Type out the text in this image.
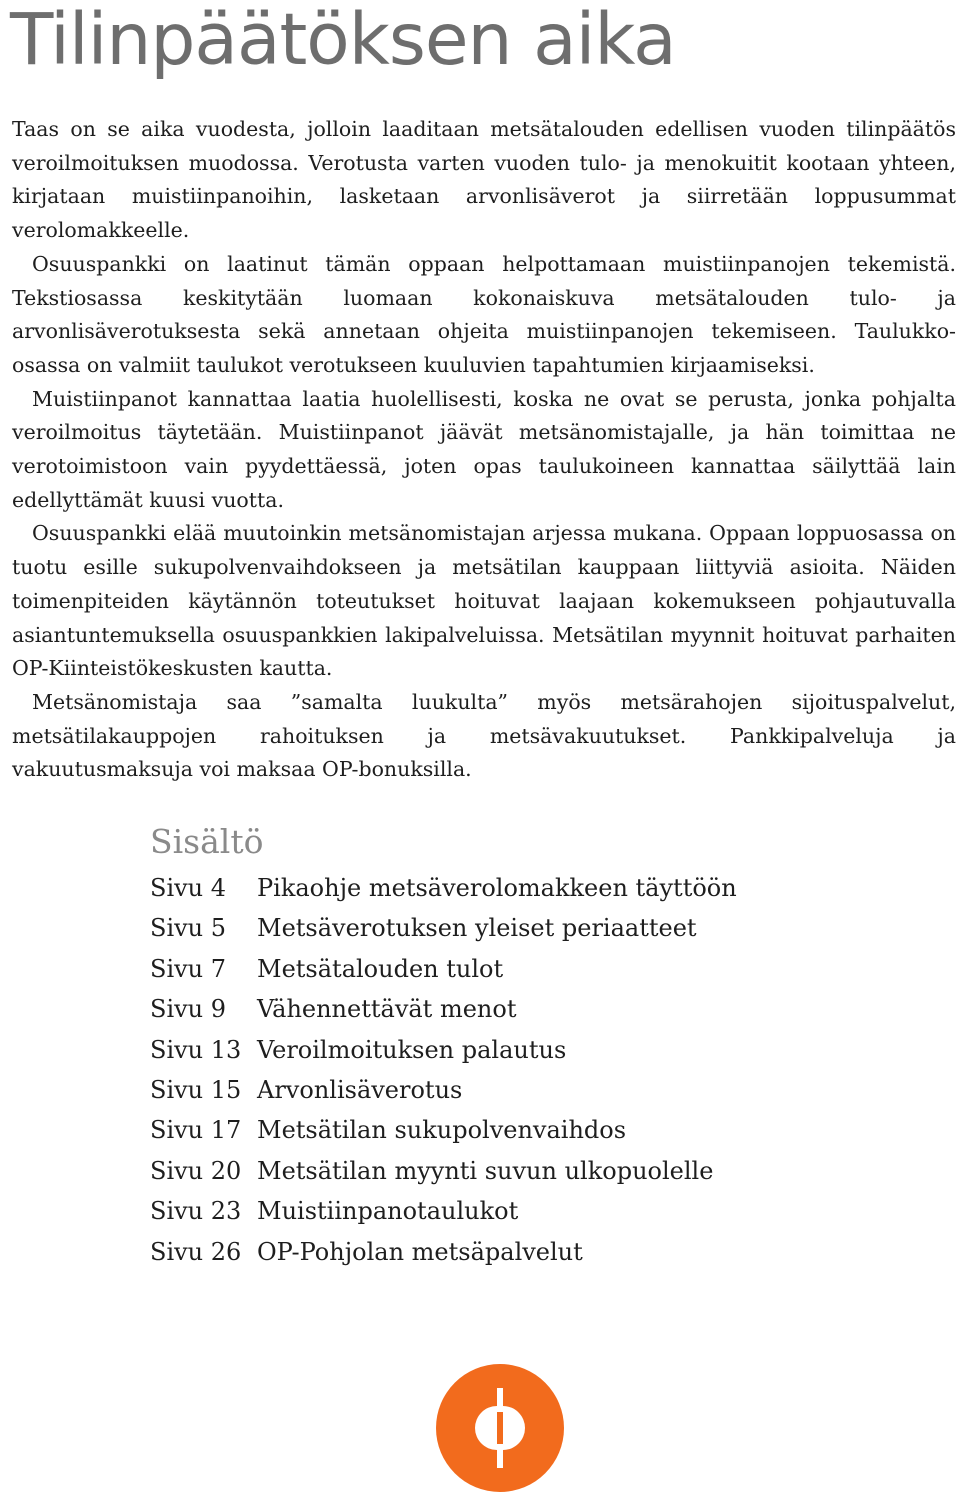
Tilinpäätöksen aika

Taas on se aika vuodesta, jolloin laaditaan metsätalouden edellisen vuoden tilinpäätös veroilmoituksen muodossa. Verotusta varten vuoden tulo- ja menokuitit kootaan yhteen, kirjataan muistiinpanoihin, lasketaan arvonlisäverot ja siirretään loppusummat verolomakkeelle.

Osuuspankki on laatinut tämän oppaan helpottamaan muistiinpanojen tekemistä. Tekstiosassa keskitytään luomaan kokonaiskuva metsätalouden tulo- ja arvonlisäverotuksesta sekä annetaan ohjeita muistiinpanojen tekemiseen. Taulukko-osassa on valmiit taulukot verotukseen kuuluvien tapahtumien kirjaamiseksi.

Muistiinpanot kannattaa laatia huolellisesti, koska ne ovat se perusta, jonka pohjalta veroilmoitus täytetään. Muistiinpanot jäävät metsänomistajalle, ja hän toimittaa ne verotoimistoon vain pyydettäessä, joten opas taulukoineen kannattaa säilyttää lain edellyttämät kuusi vuotta.

Osuuspankki elää muutoinkin metsänomistajan arjessa mukana. Oppaan loppuosassa on tuotu esille sukupolvenvaihdokseen ja metsätilan kauppaan liittyviä asioita. Näiden toimenpiteiden käytännön toteutukset hoituvat laajaan kokemukseen pohjautuvalla asiantuntemuksella osuuspankkien lakipalveluissa. Metsätilan myynnit hoituvat parhaiten OP-Kiinteistökeskusten kautta.

Metsänomistaja saa ”samalta luukulta” myös metsärahojen sijoituspalvelut, metsätilakauppojen rahoituksen ja metsävakuutukset. Pankkipalveluja ja vakuutusmaksuja voi maksaa OP-bonuksilla.

Sisältö
Sivu 4 Pikaohje metsäverolomakkeen täyttöön
Sivu 5 Metsäverotuksen yleiset periaatteet
Sivu 7 Metsätalouden tulot
Sivu 9 Vähennettävät menot
Sivu 13 Veroilmoituksen palautus
Sivu 15 Arvonlisäverotus
Sivu 17 Metsätilan sukupolvenvaihdos
Sivu 20 Metsätilan myynti suvun ulkopuolelle
Sivu 23 Muistiinpanotaulukot
Sivu 26 OP-Pohjolan metsäpalvelut
